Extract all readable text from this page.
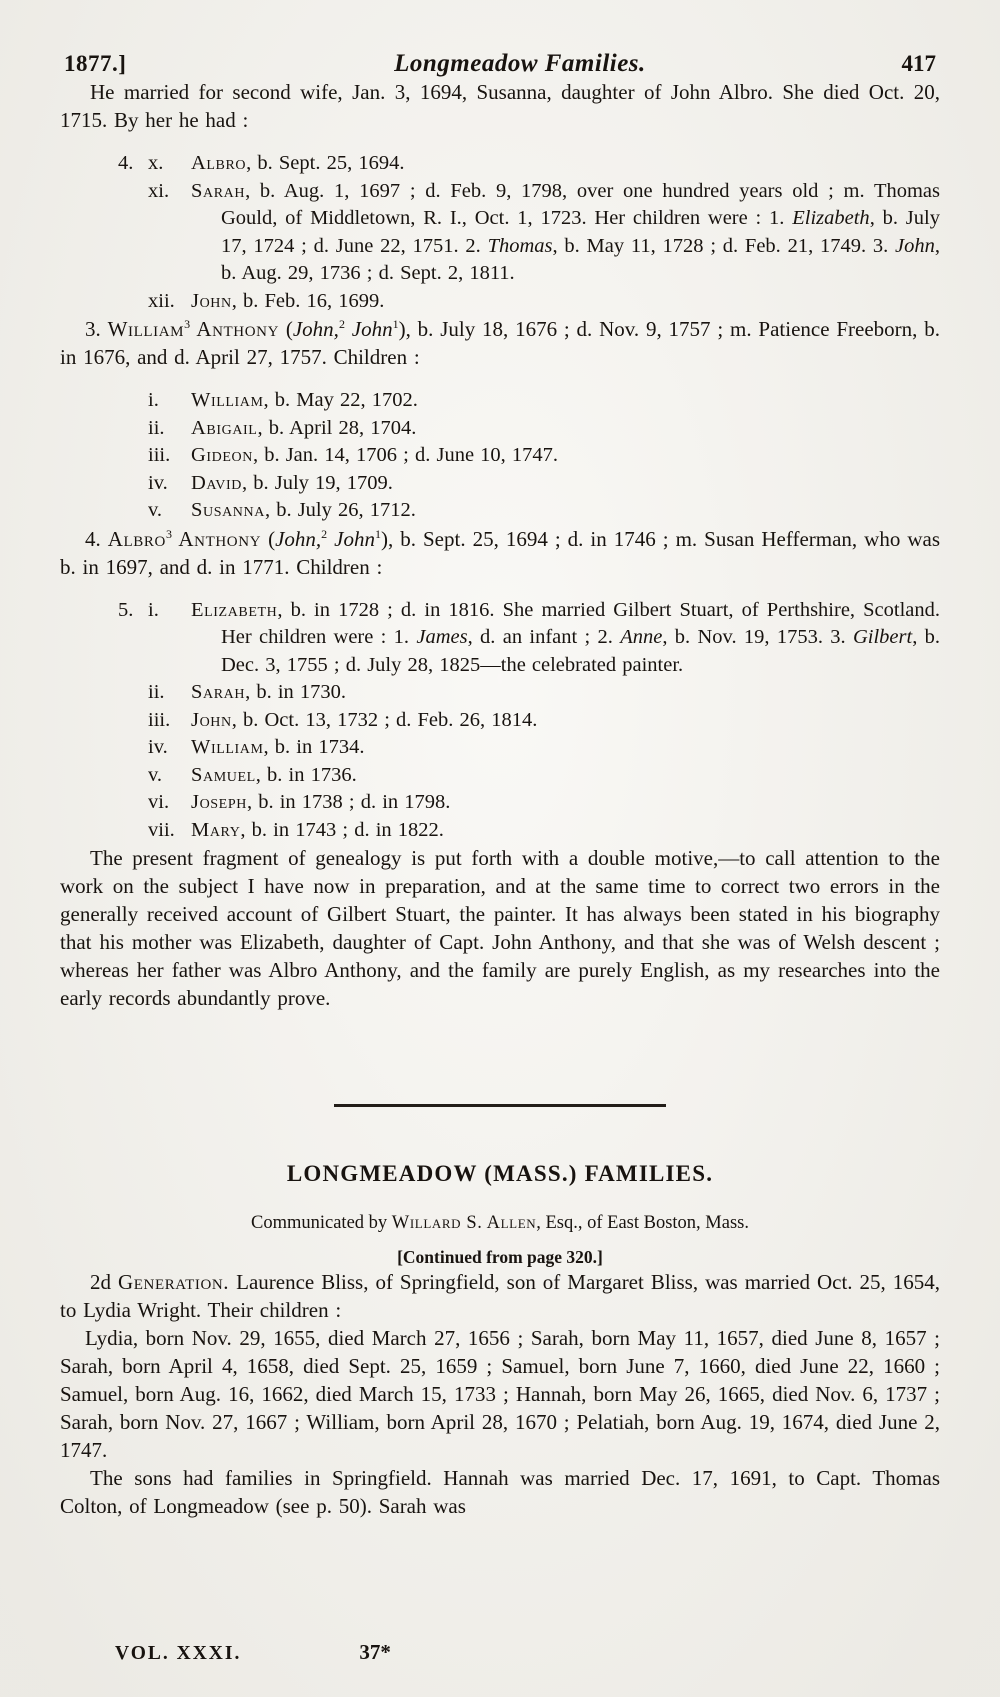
1877.]	Longmeadow Families.	417

He married for second wife, Jan. 3, 1694, Susanna, daughter of John Albro. She died Oct. 20, 1715. By her he had :

4. x.	Albro, b. Sept. 25, 1694.
xi.	Sarah, b. Aug. 1, 1697 ; d. Feb. 9, 1798, over one hundred years old ; m. Thomas Gould, of Middletown, R. I., Oct. 1, 1723. Her children were : 1. Elizabeth, b. July 17, 1724 ; d. June 22, 1751. 2. Thomas, b. May 11, 1728 ; d. Feb. 21, 1749. 3. John, b. Aug. 29, 1736 ; d. Sept. 2, 1811.
xii. John, b. Feb. 16, 1699.

3. William$^3$ Anthony (John,$^2$ John$^1$), b. July 18, 1676 ; d. Nov. 9, 1757 ; m. Patience Freeborn, b. in 1676, and d. April 27, 1757. Children :

i.	William, b. May 22, 1702.
ii.	Abigail, b. April 28, 1704.
iii.	Gideon, b. Jan. 14, 1706 ; d. June 10, 1747.
iv.	David, b. July 19, 1709.
v.	Susanna, b. July 26, 1712.

4. Albro$^3$ Anthony (John,$^2$ John$^1$), b. Sept. 25, 1694 ; d. in 1746 ; m. Susan Hefferman, who was b. in 1697, and d. in 1771. Children :

5. i.	Elizabeth, b. in 1728 ; d. in 1816. She married Gilbert Stuart, of Perthshire, Scotland. Her children were : 1. James, d. an infant ; 2. Anne, b. Nov. 19, 1753. 3. Gilbert, b. Dec. 3, 1755 ; d. July 28, 1825—the celebrated painter.
ii.	Sarah, b. in 1730.
iii.	John, b. Oct. 13, 1732 ; d. Feb. 26, 1814.
iv.	William, b. in 1734.
v.	Samuel, b. in 1736.
vi.	Joseph, b. in 1738 ; d. in 1798.
vii. Mary, b. in 1743 ; d. in 1822.

The present fragment of genealogy is put forth with a double motive,—to call attention to the work on the subject I have now in preparation, and at the same time to correct two errors in the generally received account of Gilbert Stuart, the painter. It has always been stated in his biography that his mother was Elizabeth, daughter of Capt. John Anthony, and that she was of Welsh descent ; whereas her father was Albro Anthony, and the family are purely English, as my researches into the early records abundantly prove.

LONGMEADOW (MASS.) FAMILIES.
Communicated by Willard S. Allen, Esq., of East Boston, Mass.
[Continued from page 320.]

2d Generation. Laurence Bliss, of Springfield, son of Margaret Bliss, was married Oct. 25, 1654, to Lydia Wright. Their children :

Lydia, born Nov. 29, 1655, died March 27, 1656 ; Sarah, born May 11, 1657, died June 8, 1657 ; Sarah, born April 4, 1658, died Sept. 25, 1659 ; Samuel, born June 7, 1660, died June 22, 1660 ; Samuel, born Aug. 16, 1662, died March 15, 1733 ; Hannah, born May 26, 1665, died Nov. 6, 1737 ; Sarah, born Nov. 27, 1667 ; William, born April 28, 1670 ; Pelatiah, born Aug. 19, 1674, died June 2, 1747.

The sons had families in Springfield. Hannah was married Dec. 17, 1691, to Capt. Thomas Colton, of Longmeadow (see p. 50). Sarah was

VOL. XXXI.	37*
